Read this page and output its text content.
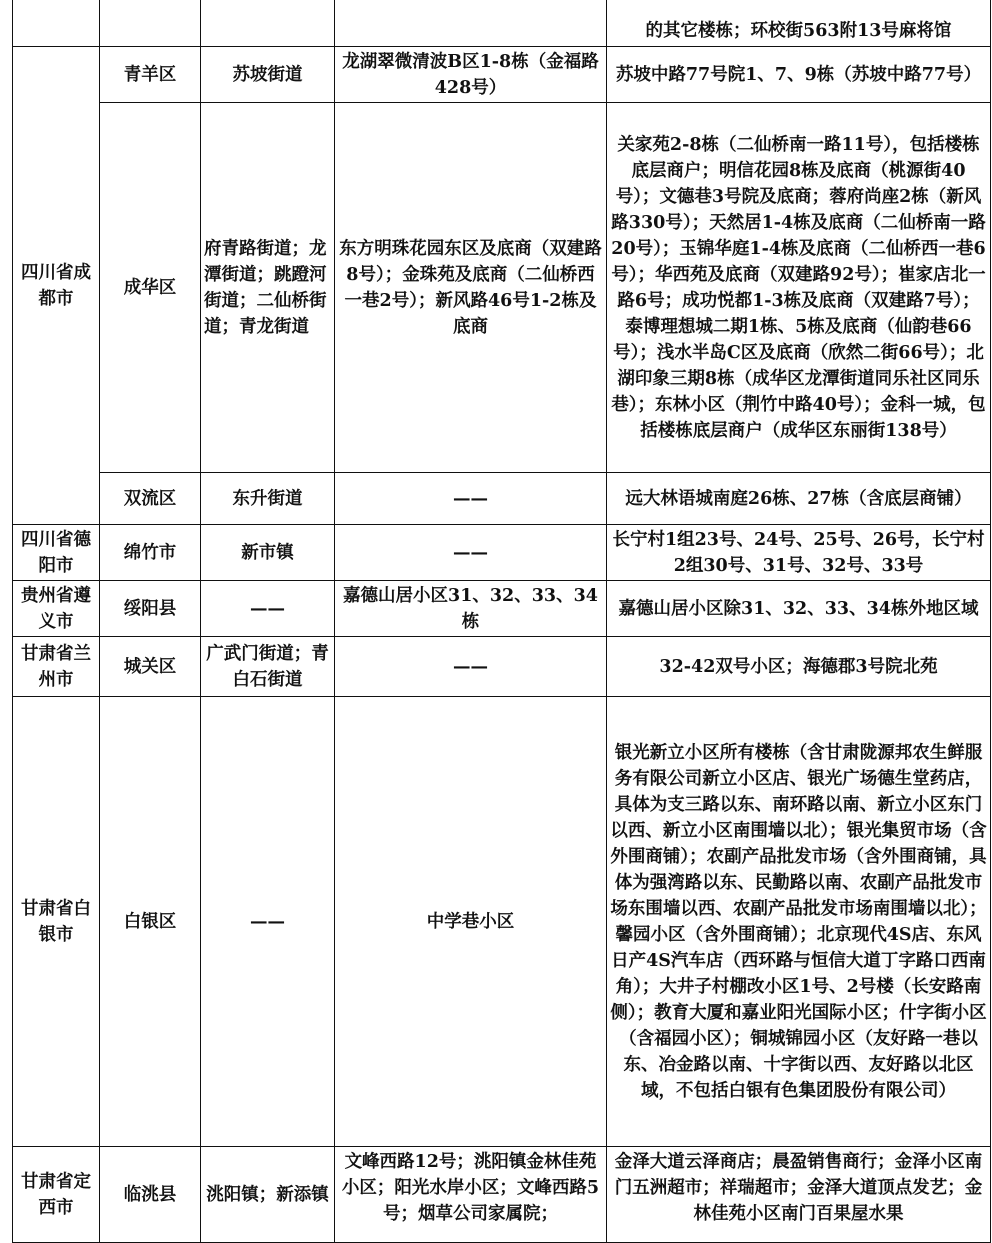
				的其它楼栋；环校街563附13号麻将馆
四川省成都市	青羊区	苏坡街道	龙湖翠微清波B区1-8栋（金福路428号）	苏坡中路77号院1、7、9栋（苏坡中路77号）
	成华区	府青路街道；龙潭街道；跳蹬河街道；二仙桥街道；青龙街道	东方明珠花园东区及底商（双建路8号）；金珠苑及底商（二仙桥西一巷2号）；新风路46号1-2栋及底商	关家苑2-8栋（二仙桥南一路11号），包括楼栋底层商户；明信花园8栋及底商（桃源街40号）；文德巷3号院及底商；蓉府尚座2栋（新风路330号）；天然居1-4栋及底商（二仙桥南一路20号）；玉锦华庭1-4栋及底商（二仙桥西一巷6号）；华西苑及底商（双建路92号）；崔家店北一路6号；成功悦都1-3栋及底商（双建路7号）；泰博理想城二期1栋、5栋及底商（仙韵巷66号）；浅水半岛C区及底商（欣然二街66号）；北湖印象三期8栋（成华区龙潭街道同乐社区同乐巷）；东林小区（荆竹中路40号）；金科一城，包括楼栋底层商户（成华区东丽街138号）
	双流区	东升街道	——	远大林语城南庭26栋、27栋（含底层商铺）
四川省德阳市	绵竹市	新市镇	——	长宁村1组23号、24号、25号、26号，长宁村2组30号、31号、32号、33号
贵州省遵义市	绥阳县	——	嘉德山居小区31、32、33、34栋	嘉德山居小区除31、32、33、34栋外地区域
甘肃省兰州市	城关区	广武门街道；青白石街道	——	32-42双号小区；海德郡3号院北苑
甘肃省白银市	白银区	——	中学巷小区	银光新立小区所有楼栋（含甘肃陇源邦农生鲜服务有限公司新立小区店、银光广场德生堂药店，具体为支三路以东、南环路以南、新立小区东门以西、新立小区南围墙以北）；银光集贸市场（含外围商铺）；农副产品批发市场（含外围商铺，具体为强湾路以东、民勤路以南、农副产品批发市场东围墙以西、农副产品批发市场南围墙以北）；馨园小区（含外围商铺）；北京现代4S店、东风日产4S汽车店（西环路与恒信大道丁字路口西南角）；大井子村棚改小区1号、2号楼（长安路南侧）；教育大厦和嘉业阳光国际小区；什字街小区（含福园小区）；铜城锦园小区（友好路一巷以东、冶金路以南、十字街以西、友好路以北区域，不包括白银有色集团股份有限公司）
甘肃省定西市	临洮县	洮阳镇；新添镇	文峰西路12号；洮阳镇金林佳苑小区；阳光水岸小区；文峰西路5号；烟草公司家属院；	金泽大道云泽商店；晨盈销售商行；金泽小区南门五洲超市；祥瑞超市；金泽大道顶点发艺；金林佳苑小区南门百果屋水果
